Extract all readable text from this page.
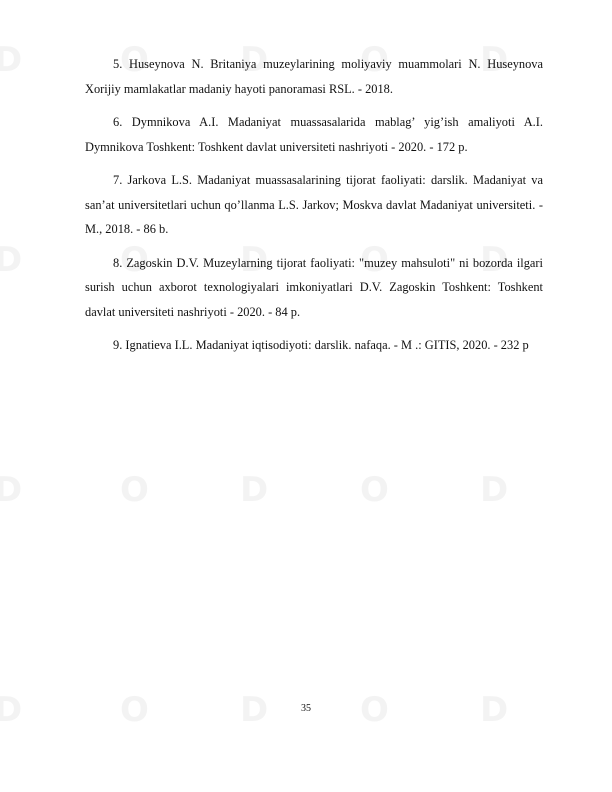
5. Huseynova N. Britaniya muzeylarining moliyaviy muammolari N. Huseynova Xorijiy mamlakatlar madaniy hayoti panoramasi RSL. - 2018.

6. Dymnikova A.I. Madaniyat muassasalarida mablag’ yig’ish amaliyoti A.I. Dymnikova Toshkent: Toshkent davlat universiteti nashriyoti - 2020. - 172 p.

7. Jarkova L.S. Madaniyat muassasalarining tijorat faoliyati: darslik. Madaniyat va san’at universitetlari uchun qo’llanma L.S. Jarkov; Moskva davlat Madaniyat universiteti. - M., 2018. - 86 b.

8. Zagoskin D.V. Muzeylarning tijorat faoliyati: "muzey mahsuloti" ni bozorda ilgari surish uchun axborot texnologiyalari imkoniyatlari D.V. Zagoskin Toshkent: Toshkent davlat universiteti nashriyoti - 2020. - 84 p.

9. Ignatieva I.L. Madaniyat iqtisodiyoti: darslik. nafaqa. - M .: GITIS, 2020. - 232 p

35
